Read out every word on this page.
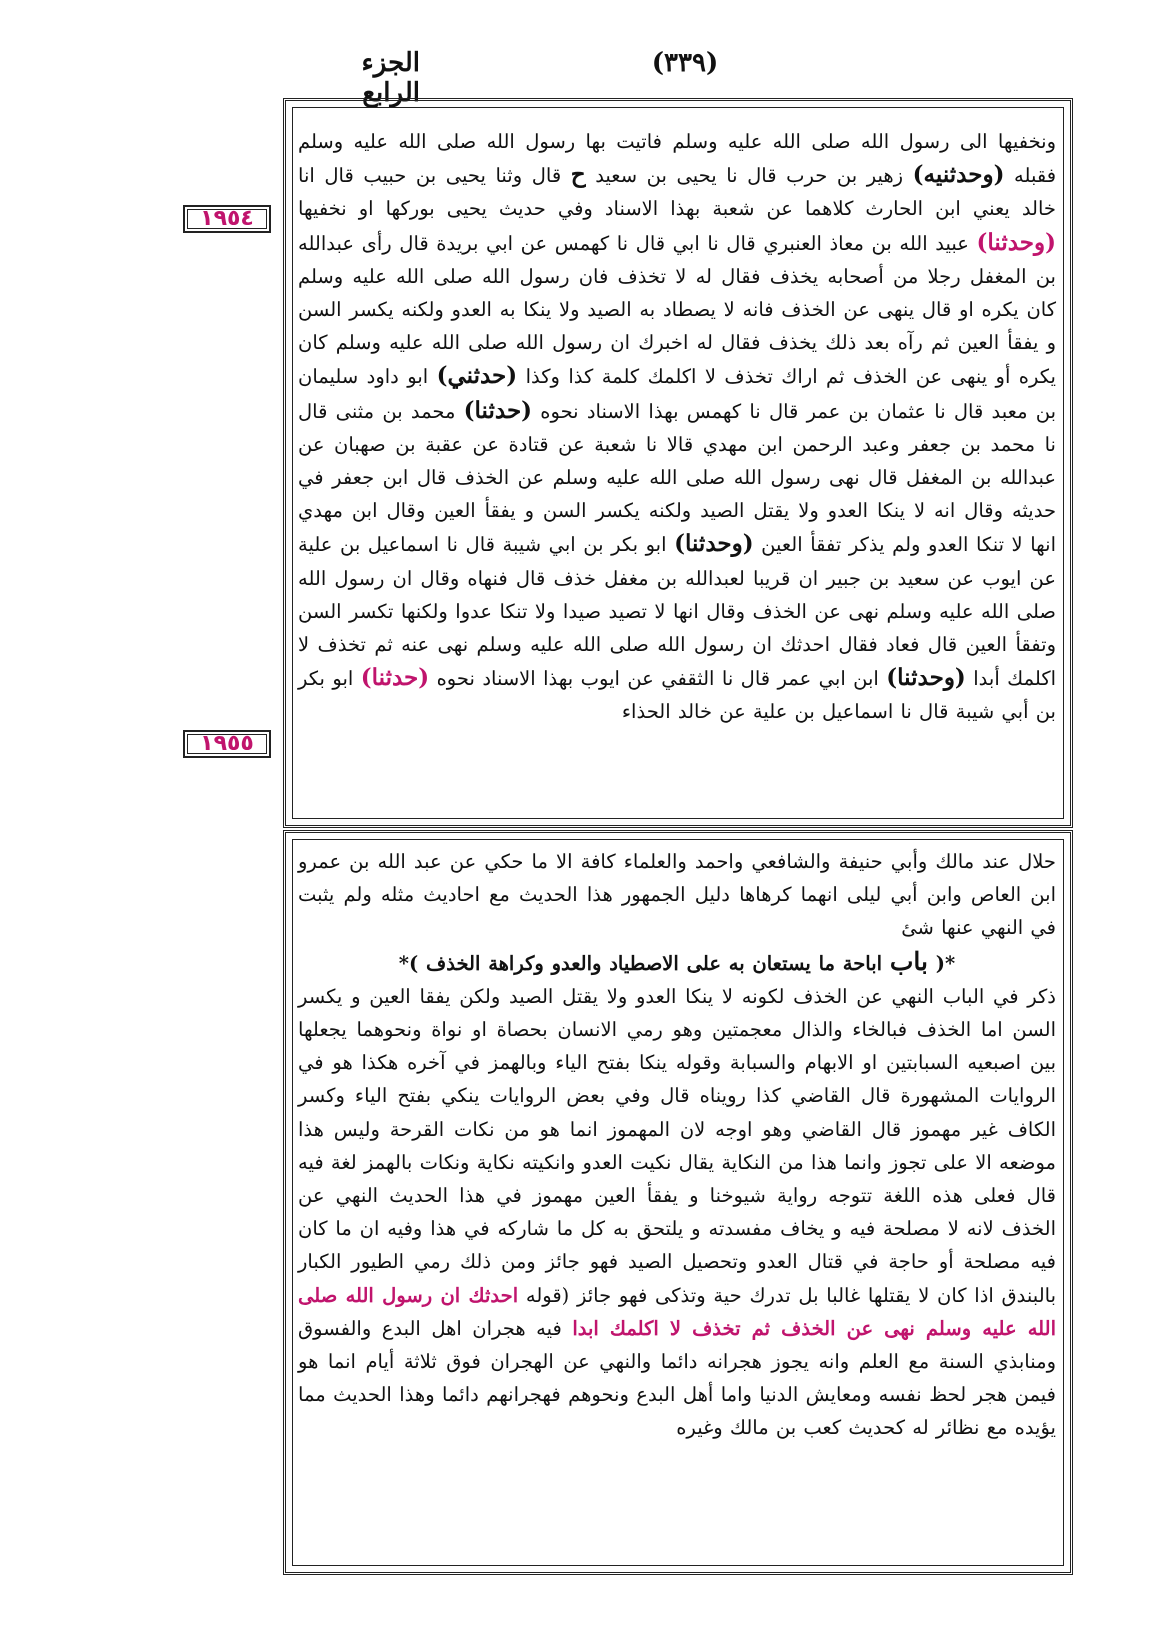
الجزء الرابع
(٣٣٩)
١٩٥٤
١٩٥٥

ونخفيها الى رسول الله صلى الله عليه وسلم فاتيت بها رسول الله صلى الله عليه وسلم فقبله (وحدثنيه) زهير بن حرب قال نا يحيى بن سعيد ح قال وثنا يحيى بن حبيب قال انا خالد يعني ابن الحارث كلاهما عن شعبة بهذا الاسناد وفي حديث يحيى بوركها او نخفيها (وحدثنا) عبيد الله بن معاذ العنبري قال نا ابي قال نا كهمس عن ابي بريدة قال رأى عبدالله بن المغفل رجلا من أصحابه يخذف فقال له لا تخذف فان رسول الله صلى الله عليه وسلم كان يكره او قال ينهى عن الخذف فانه لا يصطاد به الصيد ولا ينكا به العدو ولكنه يكسر السن و يفقأ العين ثم رآه بعد ذلك يخذف فقال له اخبرك ان رسول الله صلى الله عليه وسلم كان يكره أو ينهى عن الخذف ثم اراك تخذف لا اكلمك كلمة كذا وكذا (حدثني) ابو داود سليمان بن معبد قال نا عثمان بن عمر قال نا كهمس بهذا الاسناد نحوه (حدثنا) محمد بن مثنى قال نا محمد بن جعفر وعبد الرحمن ابن مهدي قالا نا شعبة عن قتادة عن عقبة بن صهبان عن عبدالله بن المغفل قال نهى رسول الله صلى الله عليه وسلم عن الخذف قال ابن جعفر في حديثه وقال انه لا ينكا العدو ولا يقتل الصيد ولكنه يكسر السن و يفقأ العين وقال ابن مهدي انها لا تنكا العدو ولم يذكر تفقأ العين (وحدثنا) ابو بكر بن ابي شيبة قال نا اسماعيل بن علية عن ايوب عن سعيد بن جبير ان قريبا لعبدالله بن مغفل خذف قال فنهاه وقال ان رسول الله صلى الله عليه وسلم نهى عن الخذف وقال انها لا تصيد صيدا ولا تنكا عدوا ولكنها تكسر السن وتفقأ العين قال فعاد فقال احدثك ان رسول الله صلى الله عليه وسلم نهى عنه ثم تخذف لا اكلمك أبدا (وحدثنا) ابن ابي عمر قال نا الثقفي عن ايوب بهذا الاسناد نحوه (حدثنا) ابو بكر بن أبي شيبة قال نا اسماعيل بن علية عن خالد الحذاء

حلال عند مالك وأبي حنيفة والشافعي واحمد والعلماء كافة الا ما حكي عن عبد الله بن عمرو ابن العاص وابن أبي ليلى انهما كرهاها دليل الجمهور هذا الحديث مع احاديث مثله ولم يثبت في النهي عنها شئ

*( باب اباحة ما يستعان به على الاصطياد والعدو وكراهة الخذف )*

ذكر في الباب النهي عن الخذف لكونه لا ينكا العدو ولا يقتل الصيد ولكن يفقا العين و يكسر السن اما الخذف فبالخاء والذال معجمتين وهو رمي الانسان بحصاة او نواة ونحوهما يجعلها بين اصبعيه السبابتين او الابهام والسبابة وقوله ينكا بفتح الياء وبالهمز في آخره هكذا هو في الروايات المشهورة قال القاضي كذا رويناه قال وفي بعض الروايات ينكي بفتح الياء وكسر الكاف غير مهموز قال القاضي وهو اوجه لان المهموز انما هو من نكات القرحة وليس هذا موضعه الا على تجوز وانما هذا من النكاية يقال نكيت العدو وانكيته نكاية ونكات بالهمز لغة فيه قال فعلى هذه اللغة تتوجه رواية شيوخنا و يفقأ العين مهموز في هذا الحديث النهي عن الخذف لانه لا مصلحة فيه و يخاف مفسدته و يلتحق به كل ما شاركه في هذا وفيه ان ما كان فيه مصلحة أو حاجة في قتال العدو وتحصيل الصيد فهو جائز ومن ذلك رمي الطيور الكبار بالبندق اذا كان لا يقتلها غالبا بل تدرك حية وتذكى فهو جائز (قوله احدثك ان رسول الله صلى الله عليه وسلم نهى عن الخذف ثم تخذف لا اكلمك ابدا فيه هجران اهل البدع والفسوق ومنابذي السنة مع العلم وانه يجوز هجرانه دائما والنهي عن الهجران فوق ثلاثة أيام انما هو فيمن هجر لحظ نفسه ومعايش الدنيا واما أهل البدع ونحوهم فهجرانهم دائما وهذا الحديث مما يؤيده مع نظائر له كحديث كعب بن مالك وغيره
